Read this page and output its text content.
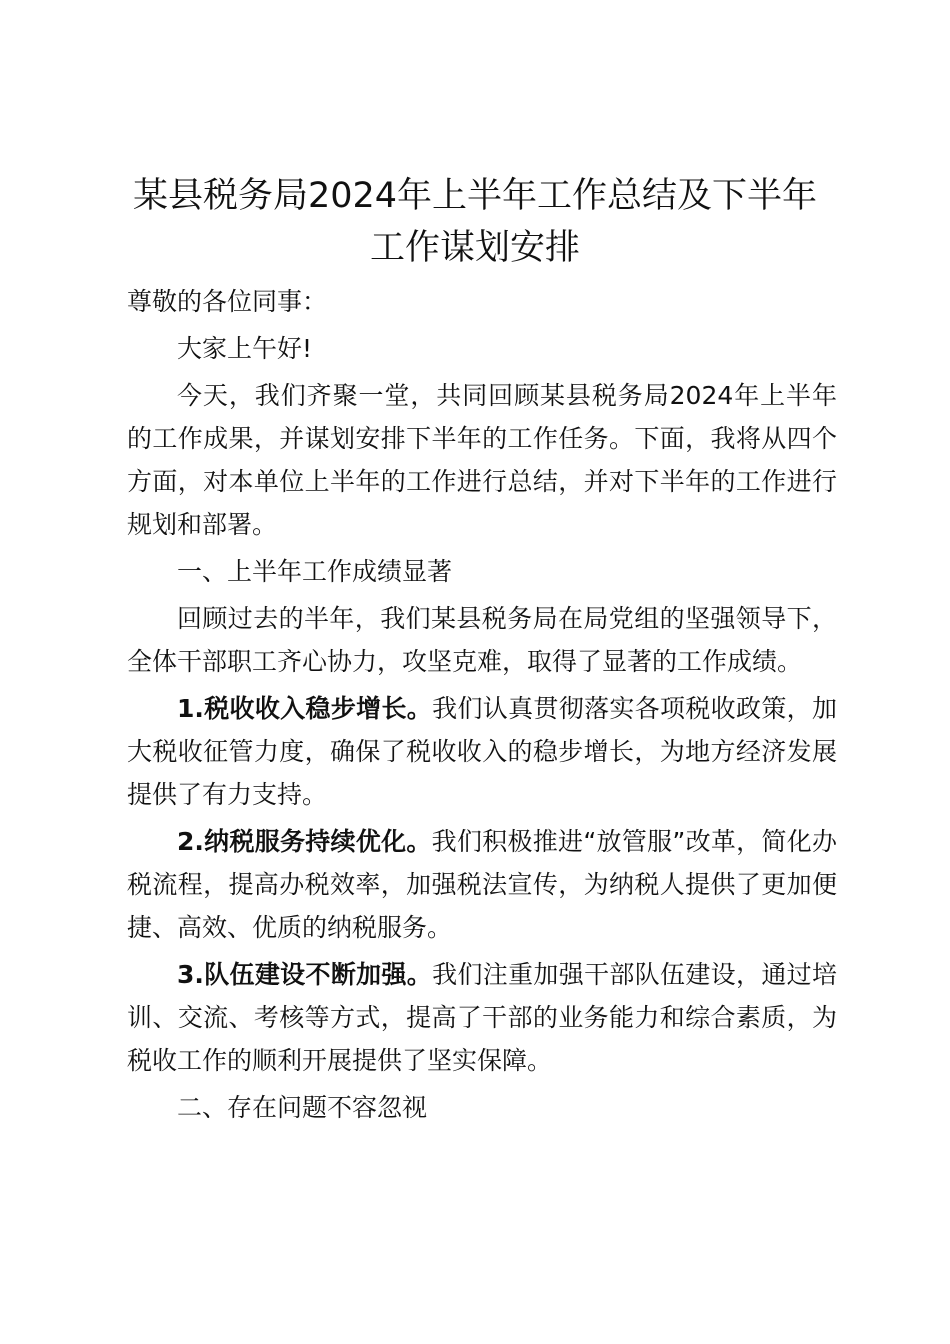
某县税务局2024年上半年工作总结及下半年
工作谋划安排

尊敬的各位同事：

大家上午好!

今天，我们齐聚一堂，共同回顾某县税务局2024年上半年的工作成果，并谋划安排下半年的工作任务。下面，我将从四个方面，对本单位上半年的工作进行总结，并对下半年的工作进行规划和部署。

一、上半年工作成绩显著

回顾过去的半年，我们某县税务局在局党组的坚强领导下，全体干部职工齐心协力，攻坚克难，取得了显著的工作成绩。

1.税收收入稳步增长。我们认真贯彻落实各项税收政策，加大税收征管力度，确保了税收收入的稳步增长，为地方经济发展提供了有力支持。

2.纳税服务持续优化。我们积极推进“放管服”改革，简化办税流程，提高办税效率，加强税法宣传，为纳税人提供了更加便捷、高效、优质的纳税服务。

3.队伍建设不断加强。我们注重加强干部队伍建设，通过培训、交流、考核等方式，提高了干部的业务能力和综合素质，为税收工作的顺利开展提供了坚实保障。

二、存在问题不容忽视
